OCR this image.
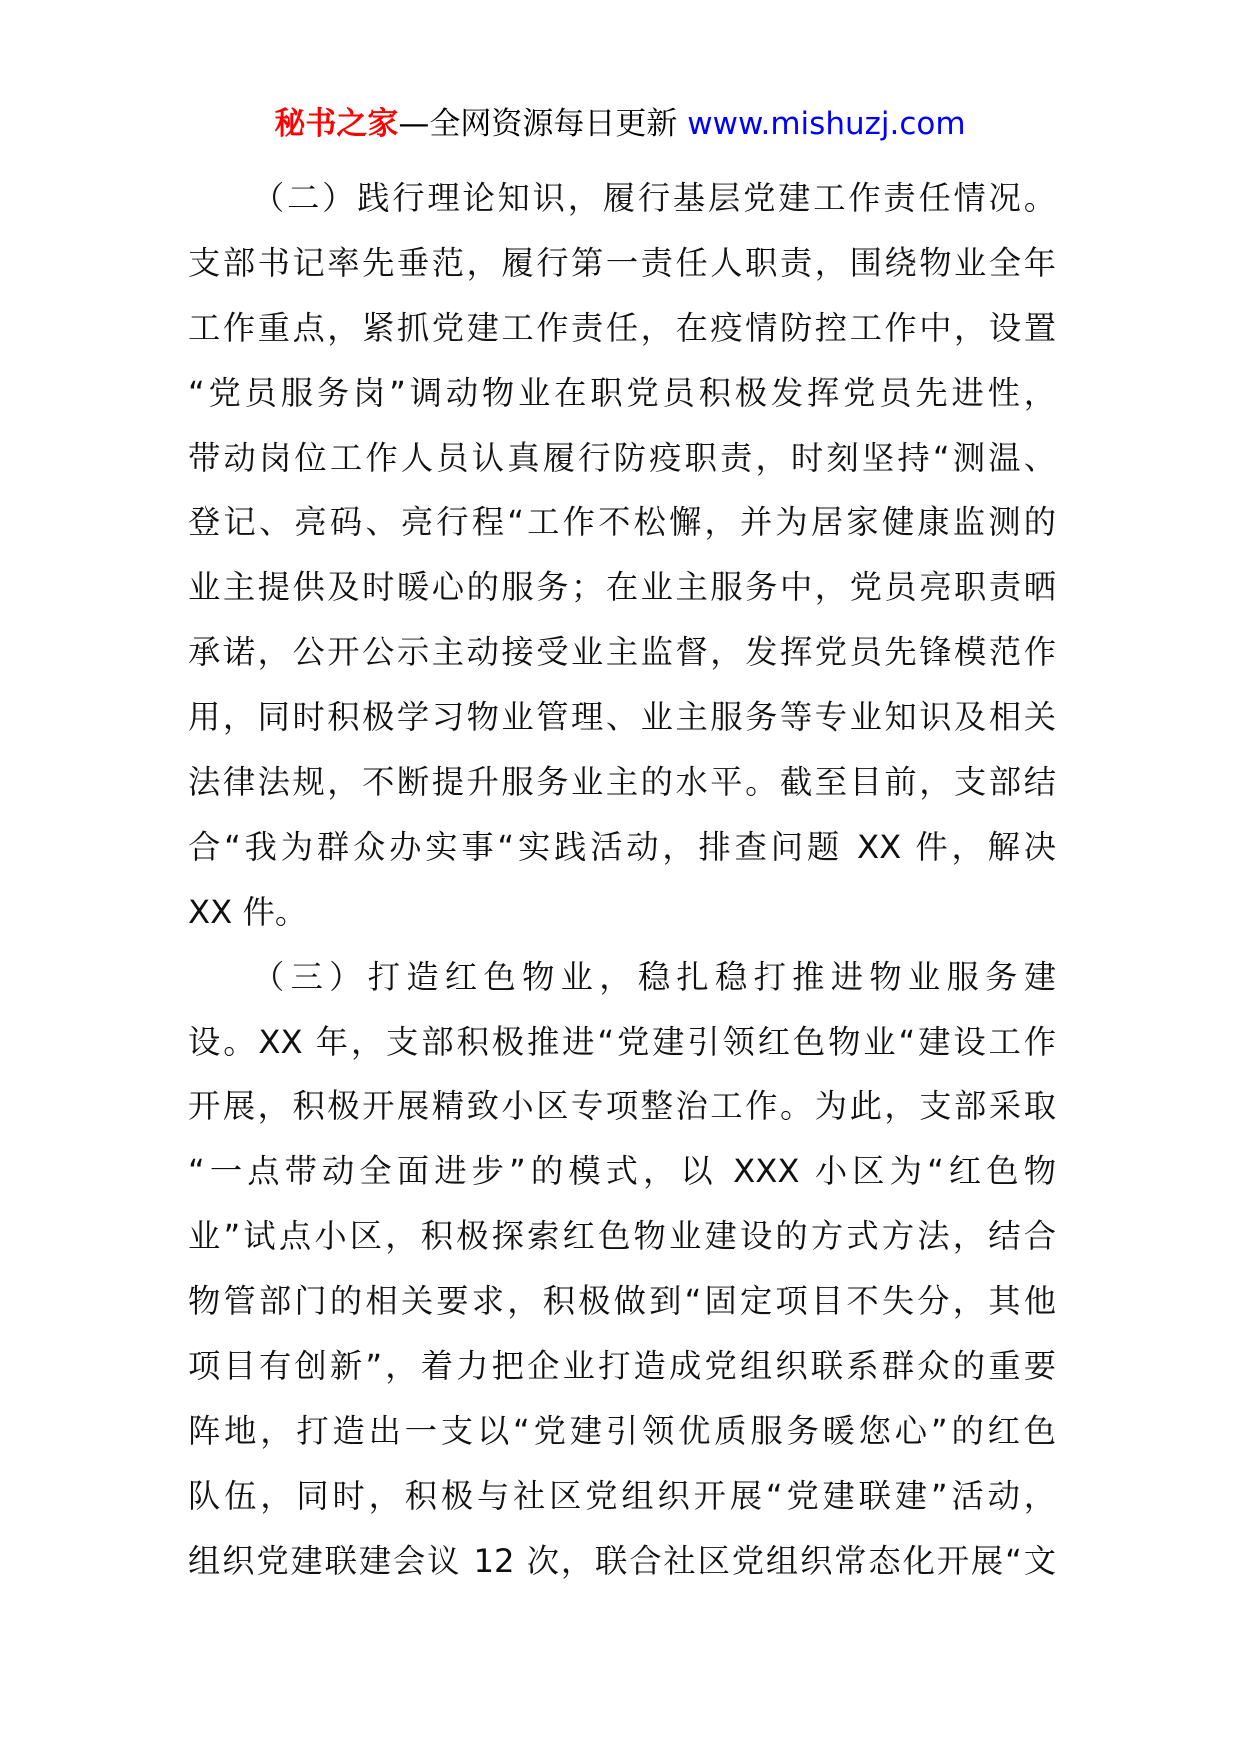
秘书之家—全网资源每日更新 www.mishuzj.com
（二）践行理论知识，履行基层党建工作责任情况。
支部书记率先垂范，履行第一责任人职责，围绕物业全年
工作重点，紧抓党建工作责任，在疫情防控工作中，设置
“党员服务岗”调动物业在职党员积极发挥党员先进性，
带动岗位工作人员认真履行防疫职责，时刻坚持“测温、
登记、亮码、亮行程“工作不松懈，并为居家健康监测的
业主提供及时暖心的服务；在业主服务中，党员亮职责晒
承诺，公开公示主动接受业主监督，发挥党员先锋模范作
用，同时积极学习物业管理、业主服务等专业知识及相关
法律法规，不断提升服务业主的水平。截至目前，支部结
合“我为群众办实事“实践活动，排查问题 XX 件，解决
XX 件。
（三）打造红色物业，稳扎稳打推进物业服务建
设。XX 年，支部积极推进“党建引领红色物业“建设工作
开展，积极开展精致小区专项整治工作。为此，支部采取
“一点带动全面进步”的模式，以 XXX 小区为“红色物
业”试点小区，积极探索红色物业建设的方式方法，结合
物管部门的相关要求，积极做到“固定项目不失分，其他
项目有创新”，着力把企业打造成党组织联系群众的重要
阵地，打造出一支以“党建引领优质服务暖您心”的红色
队伍，同时，积极与社区党组织开展“党建联建”活动，
组织党建联建会议 12 次，联合社区党组织常态化开展“文
